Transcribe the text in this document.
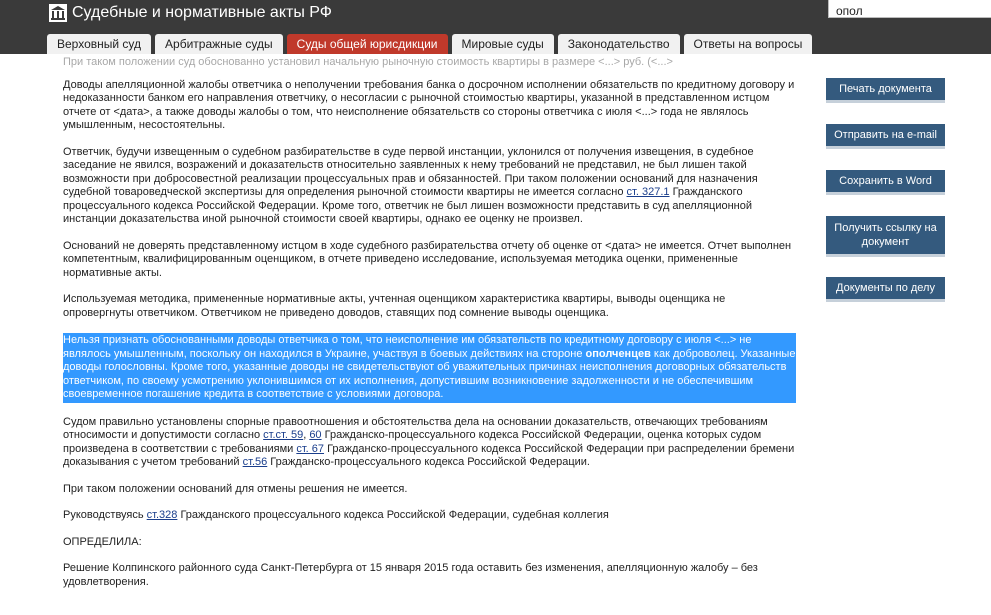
Судебные и нормативные акты РФ	опол
Верховный суд	Арбитражные суды	Суды общей юрисдикции	Мировые суды	Законодательство	Ответы на вопросы

При таком положении суд обоснованно установил начальную рыночную стоимость квартиры в размере <...> руб. (<...>

Доводы апелляционной жалобы ответчика о неполучении требования банка о досрочном исполнении обязательств по кредитному договору и недоказанности банком его направления ответчику, о несогласии с рыночной стоимостью квартиры, указанной в представленном истцом отчете от <дата>, а также доводы жалобы о том, что неисполнение обязательств со стороны ответчика с июля <...> года не являлось умышленным, несостоятельны.

Ответчик, будучи извещенным о судебном разбирательстве в суде первой инстанции, уклонился от получения извещения, в судебное заседание не явился, возражений и доказательств относительно заявленных к нему требований не представил, не был лишен такой возможности при добросовестной реализации процессуальных прав и обязанностей. При таком положении оснований для назначения судебной товароведческой экспертизы для определения рыночной стоимости квартиры не имеется согласно ст. 327.1 Гражданского процессуального кодекса Российской Федерации. Кроме того, ответчик не был лишен возможности представить в суд апелляционной инстанции доказательства иной рыночной стоимости своей квартиры, однако ее оценку не произвел.

Оснований не доверять представленному истцом в ходе судебного разбирательства отчету об оценке от <дата> не имеется. Отчет выполнен компетентным, квалифицированным оценщиком, в отчете приведено исследование, используемая методика оценки, примененные нормативные акты.

Используемая методика, примененные нормативные акты, учтенная оценщиком характеристика квартиры, выводы оценщика не опровергнуты ответчиком. Ответчиком не приведено доводов, ставящих под сомнение выводы оценщика.

Нельзя признать обоснованными доводы ответчика о том, что неисполнение им обязательств по кредитному договору с июля <...> не являлось умышленным, поскольку он находился в Украине, участвуя в боевых действиях на стороне ополченцев как доброволец. Указанные доводы голословны. Кроме того, указанные доводы не свидетельствуют об уважительных причинах неисполнения договорных обязательств ответчиком, по своему усмотрению уклонившимся от их исполнения, допустившим возникновение задолженности и не обеспечившим своевременное погашение кредита в соответствие с условиями договора.

Судом правильно установлены спорные правоотношения и обстоятельства дела на основании доказательств, отвечающих требованиям относимости и допустимости согласно ст.ст. 59, 60 Гражданско-процессуального кодекса Российской Федерации, оценка которых судом произведена в соответствии с требованиями ст. 67 Гражданско-процессуального кодекса Российской Федерации при распределении бремени доказывания с учетом требований ст.56 Гражданско-процессуального кодекса Российской Федерации.

При таком положении оснований для отмены решения не имеется.

Руководствуясь ст.328 Гражданского процессуального кодекса Российской Федерации, судебная коллегия

ОПРЕДЕЛИЛА:

Решение Колпинского районного суда Санкт-Петербурга от 15 января 2015 года оставить без изменения, апелляционную жалобу – без удовлетворения.

Печать документа
Отправить на e-mail
Сохранить в Word
Получить ссылку на документ
Документы по делу
